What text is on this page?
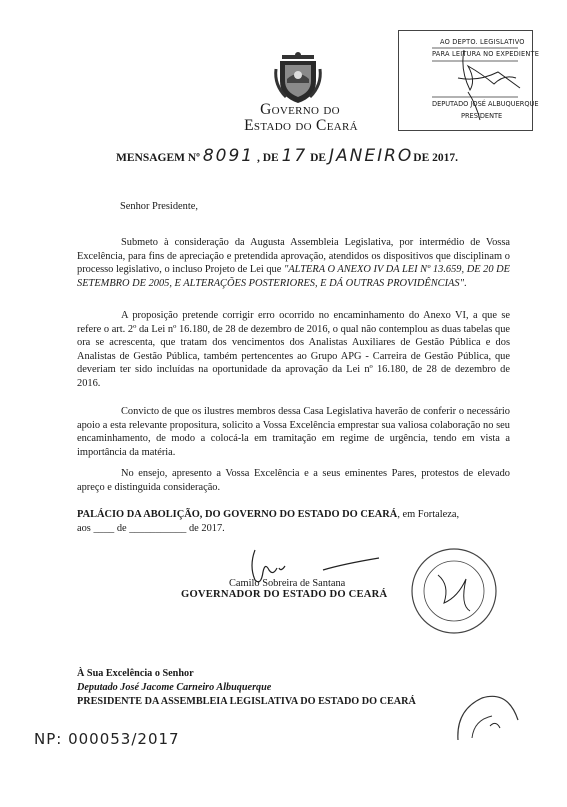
Governo do
Estado do Ceará
AO DEPTO. LEGISLATIVO
PARA LEITURA NO EXPEDIENTE
DEPUTADO JOSÉ ALBUQUERQUE
PRESIDENTE
MENSAGEM Nº 8091 , DE 17 DE JANEIRODE 2017.
Senhor Presidente,
Submeto à consideração da Augusta Assembleia Legislativa, por intermédio de Vossa Excelência, para fins de apreciação e pretendida aprovação, atendidos os dispositivos que disciplinam o processo legislativo, o incluso Projeto de Lei que "ALTERA O ANEXO IV DA LEI Nº 13.659, DE 20 DE SETEMBRO DE 2005, E ALTERAÇÕES POSTERIORES, E DÁ OUTRAS PROVIDÊNCIAS".
A proposição pretende corrigir erro ocorrido no encaminhamento do Anexo VI, a que se refere o art. 2º da Lei nº 16.180, de 28 de dezembro de 2016, o qual não contemplou as duas tabelas que ora se acrescenta, que tratam dos vencimentos dos Analistas Auxiliares de Gestão Pública e dos Analistas de Gestão Pública, também pertencentes ao Grupo APG - Carreira de Gestão Pública, que deveriam ter sido incluídas na oportunidade da aprovação da Lei nº 16.180, de 28 de dezembro de 2016.
Convicto de que os ilustres membros dessa Casa Legislativa haverão de conferir o necessário apoio a esta relevante propositura, solicito a Vossa Excelência emprestar sua valiosa colaboração no seu encaminhamento, de modo a colocá-la em tramitação em regime de urgência, tendo em vista a importância da matéria.
No ensejo, apresento a Vossa Excelência e a seus eminentes Pares, protestos de elevado apreço e distinguida consideração.
PALÁCIO DA ABOLIÇÃO, DO GOVERNO DO ESTADO DO CEARÁ, em Fortaleza,
aos ____ de ___________ de 2017.
Camilo Sobreira de Santana
GOVERNADOR DO ESTADO DO CEARÁ
À Sua Excelência o Senhor
Deputado José Jacome Carneiro Albuquerque
PRESIDENTE DA ASSEMBLEIA LEGISLATIVA DO ESTADO DO CEARÁ
NP: 000053/2017
